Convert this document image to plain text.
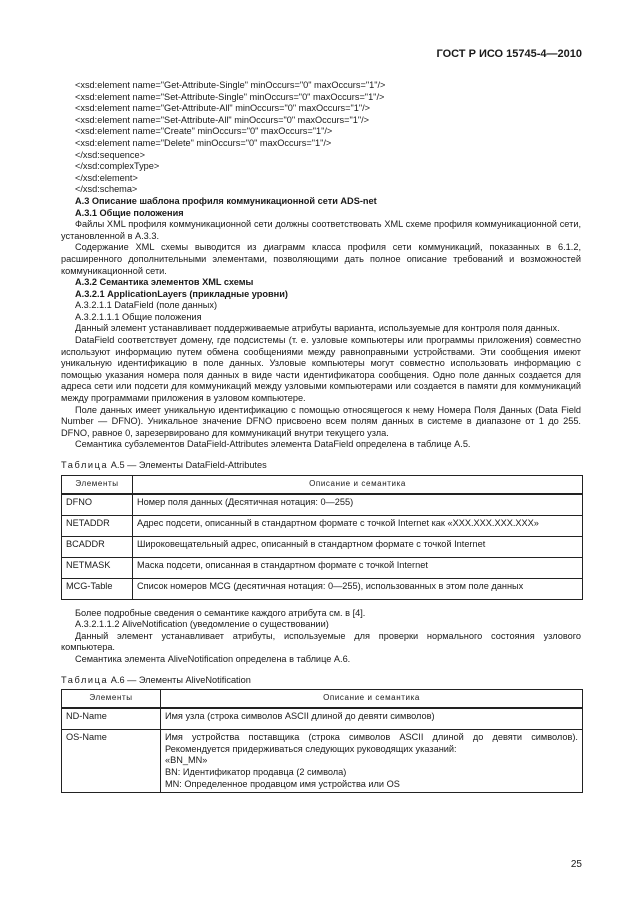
ГОСТ Р ИСО 15745-4—2010
<xsd:element name="Get-Attribute-Single" minOccurs="0" maxOccurs="1"/>
<xsd:element name="Set-Attribute-Single" minOccurs="0" maxOccurs="1"/>
<xsd:element name="Get-Attribute-All" minOccurs="0" maxOccurs="1"/>
<xsd:element name="Set-Attribute-All" minOccurs="0" maxOccurs="1"/>
<xsd:element name="Create" minOccurs="0" maxOccurs="1"/>
<xsd:element name="Delete" minOccurs="0" maxOccurs="1"/>
</xsd:sequence>
</xsd:complexType>
</xsd:element>
</xsd:schema>
А.3 Описание шаблона профиля коммуникационной сети ADS-net
А.3.1 Общие положения

Файлы XML профиля коммуникационной сети должны соответствовать XML схеме профиля коммуникационной сети, установленной в А.3.3.

Содержание XML схемы выводится из диаграмм класса профиля сети коммуникаций, показанных в 6.1.2, расширенного дополнительными элементами, позволяющими дать полное описание требований и возможностей коммуникационной сети.

А.3.2 Семантика элементов XML схемы
А.3.2.1 ApplicationLayers (прикладные уровни)
А.3.2.1.1 DataField (поле данных)
А.3.2.1.1.1 Общие положения

Данный элемент устанавливает поддерживаемые атрибуты варианта, используемые для контроля поля данных.

DataField соответствует домену, где подсистемы (т. е. узловые компьютеры или программы приложения) совместно используют информацию путем обмена сообщениями между равноправными устройствами. Эти сообщения имеют уникальную идентификацию в поле данных. Узловые компьютеры могут совместно использовать информацию с помощью указания номера поля данных в виде части идентификатора сообщения. Одно поле данных создается для адреса сети или подсети для коммуникаций между узловыми компьютерами или создается в памяти для коммуникаций между программами приложения в узловом компьютере.

Поле данных имеет уникальную идентификацию с помощью относящегося к нему Номера Поля Данных (Data Field Number — DFNO). Уникальное значение DFNO присвоено всем полям данных в системе в диапазоне от 1 до 255. DFNO, равное 0, зарезервировано для коммуникаций внутри текущего узла.

Семантика субэлементов DataField-Attributes элемента DataField определена в таблице А.5.

Таблица А.5 — Элементы DataField-Attributes
Элементы	Описание и семантика
DFNO	Номер поля данных (Десятичная нотация: 0—255)
NETADDR	Адрес подсети, описанный в стандартном формате с точкой Internet как «XXX.XXX.XXX.XXX»
BCADDR	Широковещательный адрес, описанный в стандартном формате с точкой Internet
NETMASK	Маска подсети, описанная в стандартном формате с точкой Internet
MCG-Table	Список номеров MCG (десятичная нотация: 0—255), использованных в этом поле данных

Более подробные сведения о семантике каждого атрибута см. в [4].

А.3.2.1.1.2 AliveNotification (уведомление о существовании)

Данный элемент устанавливает атрибуты, используемые для проверки нормального состояния узлового компьютера.

Семантика элемента AliveNotification определена в таблице А.6.

Таблица А.6 — Элементы AliveNotification
Элементы	Описание и семантика
ND-Name	Имя узла (строка символов ASCII длиной до девяти символов)
OS-Name	Имя устройства поставщика (строка символов ASCII длиной до девяти символов). Рекомендуется придерживаться следующих руководящих указаний:
«BN_MN»
BN: Идентификатор продавца (2 символа)
MN: Определенное продавцом имя устройства или OS
25
